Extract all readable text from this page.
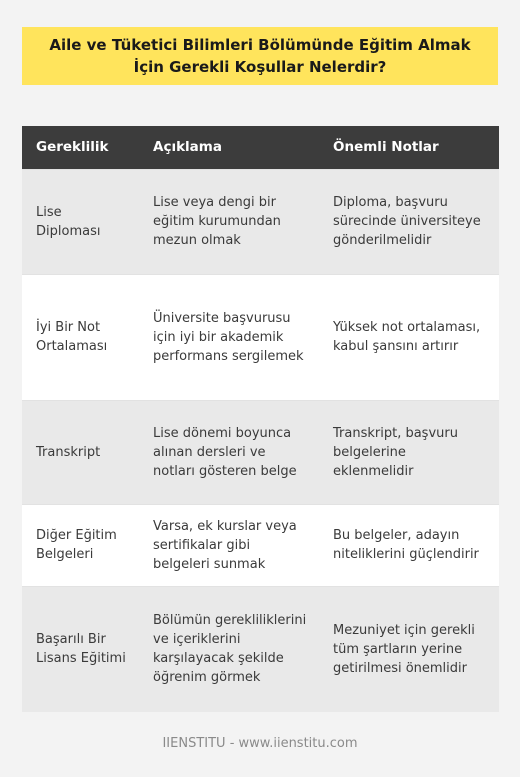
Aile ve Tüketici Bilimleri Bölümünde Eğitim Almak İçin Gerekli Koşullar Nelerdir?
Gereklilik	Açıklama	Önemli Notlar
Lise Diploması	Lise veya dengi bir eğitim kurumundan mezun olmak	Diploma, başvuru sürecinde üniversiteye gönderilmelidir
İyi Bir Not Ortalaması	Üniversite başvurusu için iyi bir akademik performans sergilemek	Yüksek not ortalaması, kabul şansını artırır
Transkript	Lise dönemi boyunca alınan dersleri ve notları gösteren belge	Transkript, başvuru belgelerine eklenmelidir
Diğer Eğitim Belgeleri	Varsa, ek kurslar veya sertifikalar gibi belgeleri sunmak	Bu belgeler, adayın niteliklerini güçlendirir
Başarılı Bir Lisans Eğitimi	Bölümün gerekliliklerini ve içeriklerini karşılayacak şekilde öğrenim görmek	Mezuniyet için gerekli tüm şartların yerine getirilmesi önemlidir
IIENSTITU - www.iienstitu.com
